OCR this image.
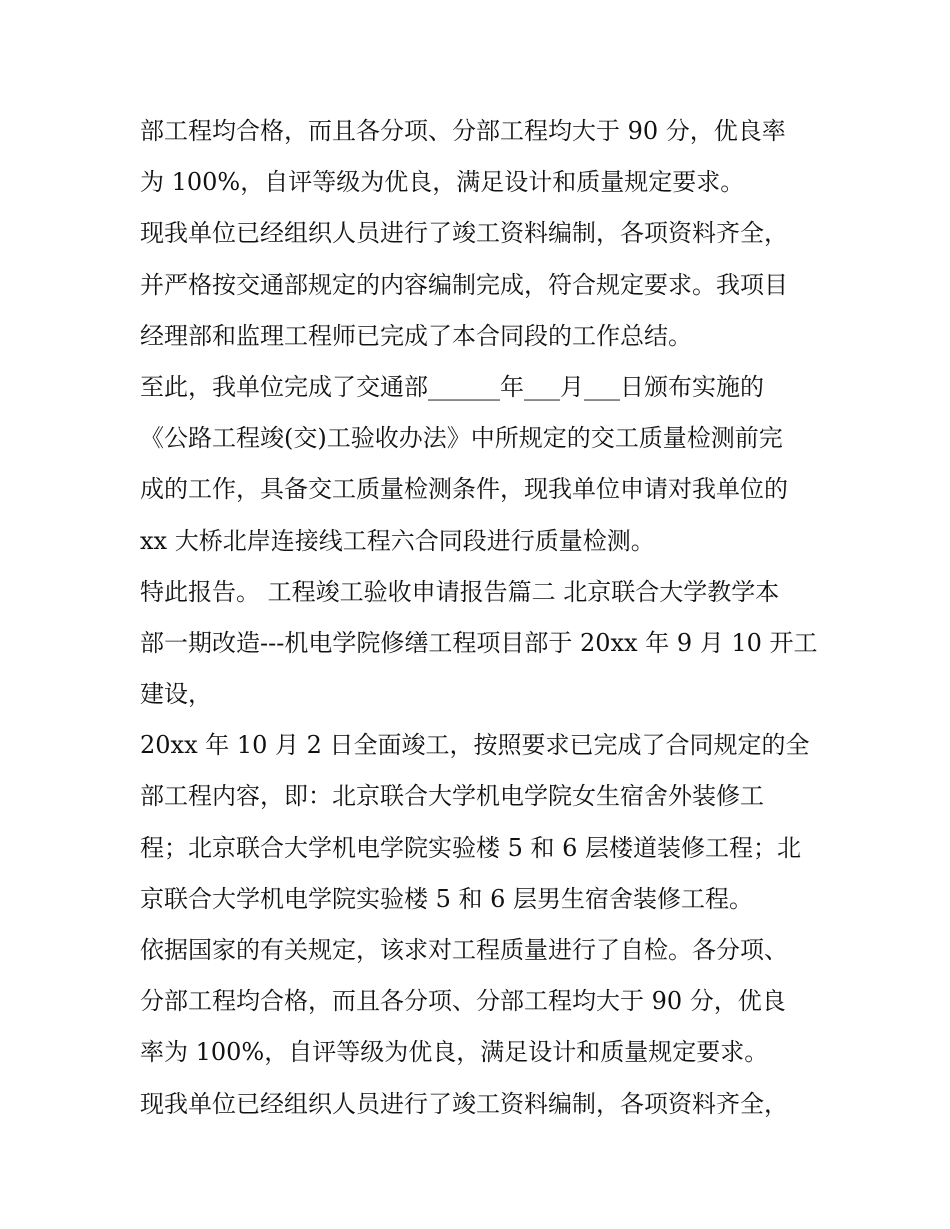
部工程均合格，而且各分项、分部工程均大于 90 分，优良率
为 100%，自评等级为优良，满足设计和质量规定要求。
现我单位已经组织人员进行了竣工资料编制，各项资料齐全，
并严格按交通部规定的内容编制完成，符合规定要求。我项目
经理部和监理工程师已完成了本合同段的工作总结。
至此，我单位完成了交通部______年___月___日颁布实施的
《公路工程竣(交)工验收办法》中所规定的交工质量检测前完
成的工作，具备交工质量检测条件，现我单位申请对我单位的
xx 大桥北岸连接线工程六合同段进行质量检测。
特此报告。 工程竣工验收申请报告篇二 北京联合大学教学本
部一期改造---机电学院修缮工程项目部于 20xx 年 9 月 10 开工
建设，
20xx 年 10 月 2 日全面竣工，按照要求已完成了合同规定的全
部工程内容，即：北京联合大学机电学院女生宿舍外装修工
程；北京联合大学机电学院实验楼 5 和 6 层楼道装修工程；北
京联合大学机电学院实验楼 5 和 6 层男生宿舍装修工程。
依据国家的有关规定，该求对工程质量进行了自检。各分项、
分部工程均合格，而且各分项、分部工程均大于 90 分，优良
率为 100%，自评等级为优良，满足设计和质量规定要求。
现我单位已经组织人员进行了竣工资料编制，各项资料齐全，
